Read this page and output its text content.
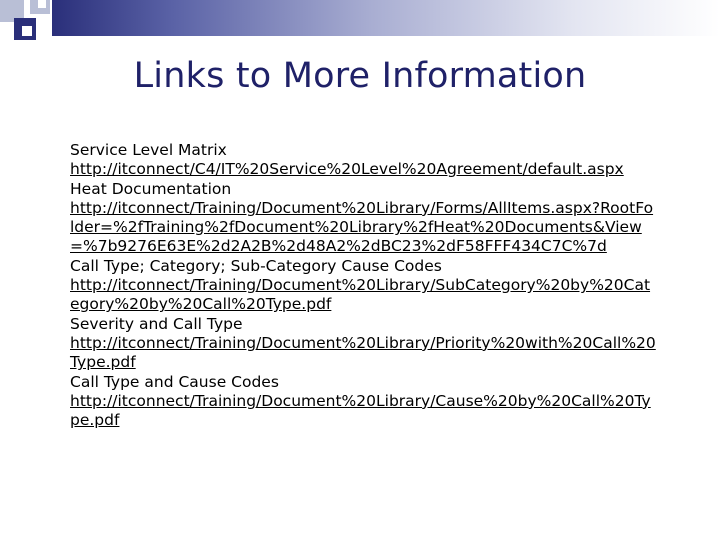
Links to More Information
Service Level Matrix
http://itconnect/C4/IT%20Service%20Level%20Agreement/default.aspx
Heat Documentation
http://itconnect/Training/Document%20Library/Forms/AllItems.aspx?RootFolder=%2fTraining%2fDocument%20Library%2fHeat%20Documents&View=%7b9276E63E%2d2A2B%2d48A2%2dBC23%2dF58FFF434C7C%7d
Call Type; Category; Sub-Category Cause Codes
http://itconnect/Training/Document%20Library/SubCategory%20by%20Category%20by%20Call%20Type.pdf
Severity and Call Type
http://itconnect/Training/Document%20Library/Priority%20with%20Call%20Type.pdf
Call Type and Cause Codes
http://itconnect/Training/Document%20Library/Cause%20by%20Call%20Type.pdf
